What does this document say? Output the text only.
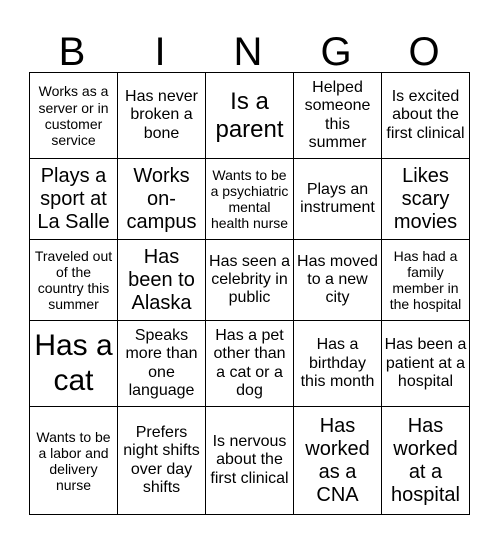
B	I	N	G	O
Works as a server or in customer service	Has never broken a bone	Is a parent	Helped someone this summer	Is excited about the first clinical
Plays a sport at La Salle	Works on-campus	Wants to be a psychiatric mental health nurse	Plays an instrument	Likes scary movies
Traveled out of the country this summer	Has been to Alaska	Has seen a celebrity in public	Has moved to a new city	Has had a family member in the hospital
Has a cat	Speaks more than one language	Has a pet other than a cat or a dog	Has a birthday this month	Has been a patient at a hospital
Wants to be a labor and delivery nurse	Prefers night shifts over day shifts	Is nervous about the first clinical	Has worked as a CNA	Has worked at a hospital
